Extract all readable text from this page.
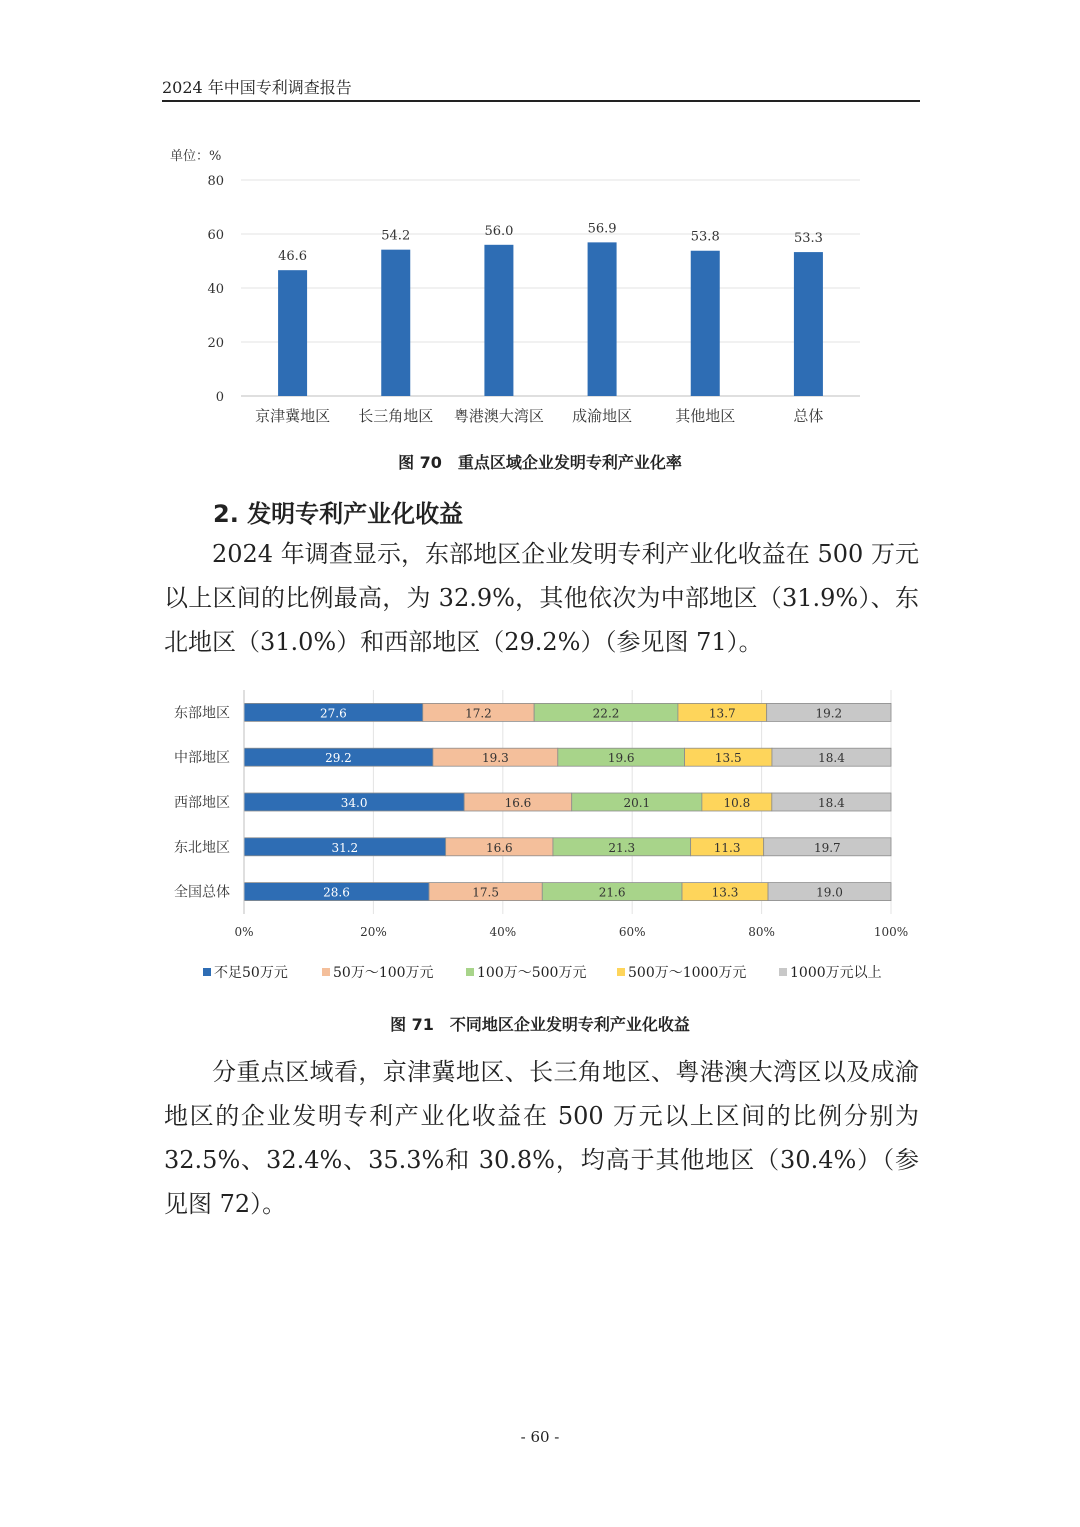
2024 年中国专利调查报告
单位：%
0
20
40
60
80
46.6
京津冀地区
54.2
长三角地区
56.0
粤港澳大湾区
56.9
成渝地区
53.8
其他地区
53.3
总体
图 70　重点区域企业发明专利产业化率
2. 发明专利产业化收益

2024 年调查显示，东部地区企业发明专利产业化收益在 500 万元以上区间的比例最高，为 32.9%，其他依次为中部地区（31.9%）、东北地区（31.0%）和西部地区（29.2%）（参见图 71）。

0%	20%	40%	60%	80%	100%
东部地区	27.6	17.2	22.2	13.7	19.2
中部地区	29.2	19.3	19.6	13.5	18.4
西部地区	34.0	16.6	20.1	10.8	18.4
东北地区	31.2	16.6	21.3	11.3	19.7
全国总体	28.6	17.5	21.6	13.3	19.0
不足50万元	50万～100万元	100万～500万元	500万～1000万元	1000万元以上
图 71　不同地区企业发明专利产业化收益

分重点区域看，京津冀地区、长三角地区、粤港澳大湾区以及成渝地区的企业发明专利产业化收益在 500 万元以上区间的比例分别为 32.5%、32.4%、35.3%和 30.8%，均高于其他地区（30.4%）（参见图 72）。

- 60 -
